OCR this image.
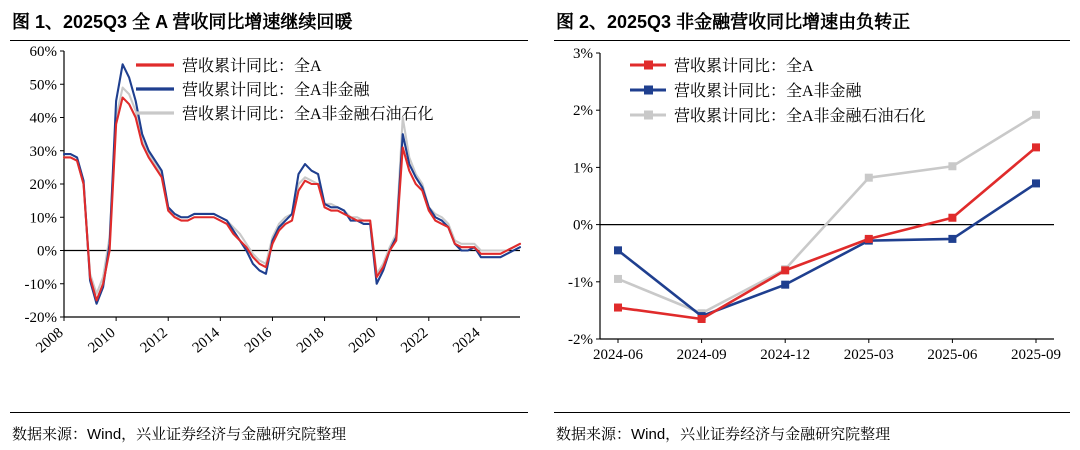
图 1、2025Q3 全 A 营收同比增速继续回暖
-20%
-10%
0%
10%
20%
30%
40%
50%
60%
2008 2010 2012 2014 2016 2018 2020 2022 2024
营收累计同比：全A
营收累计同比：全A非金融
营收累计同比：全A非金融石油石化
数据来源：Wind，兴业证券经济与金融研究院整理
图 2、2025Q3 非金融营收同比增速由负转正
-2%
-1%
0%
1%
2%
3%
2024-06 2024-09 2024-12 2025-03 2025-06 2025-09
营收累计同比：全A
营收累计同比：全A非金融
营收累计同比：全A非金融石油石化
数据来源：Wind，兴业证券经济与金融研究院整理
